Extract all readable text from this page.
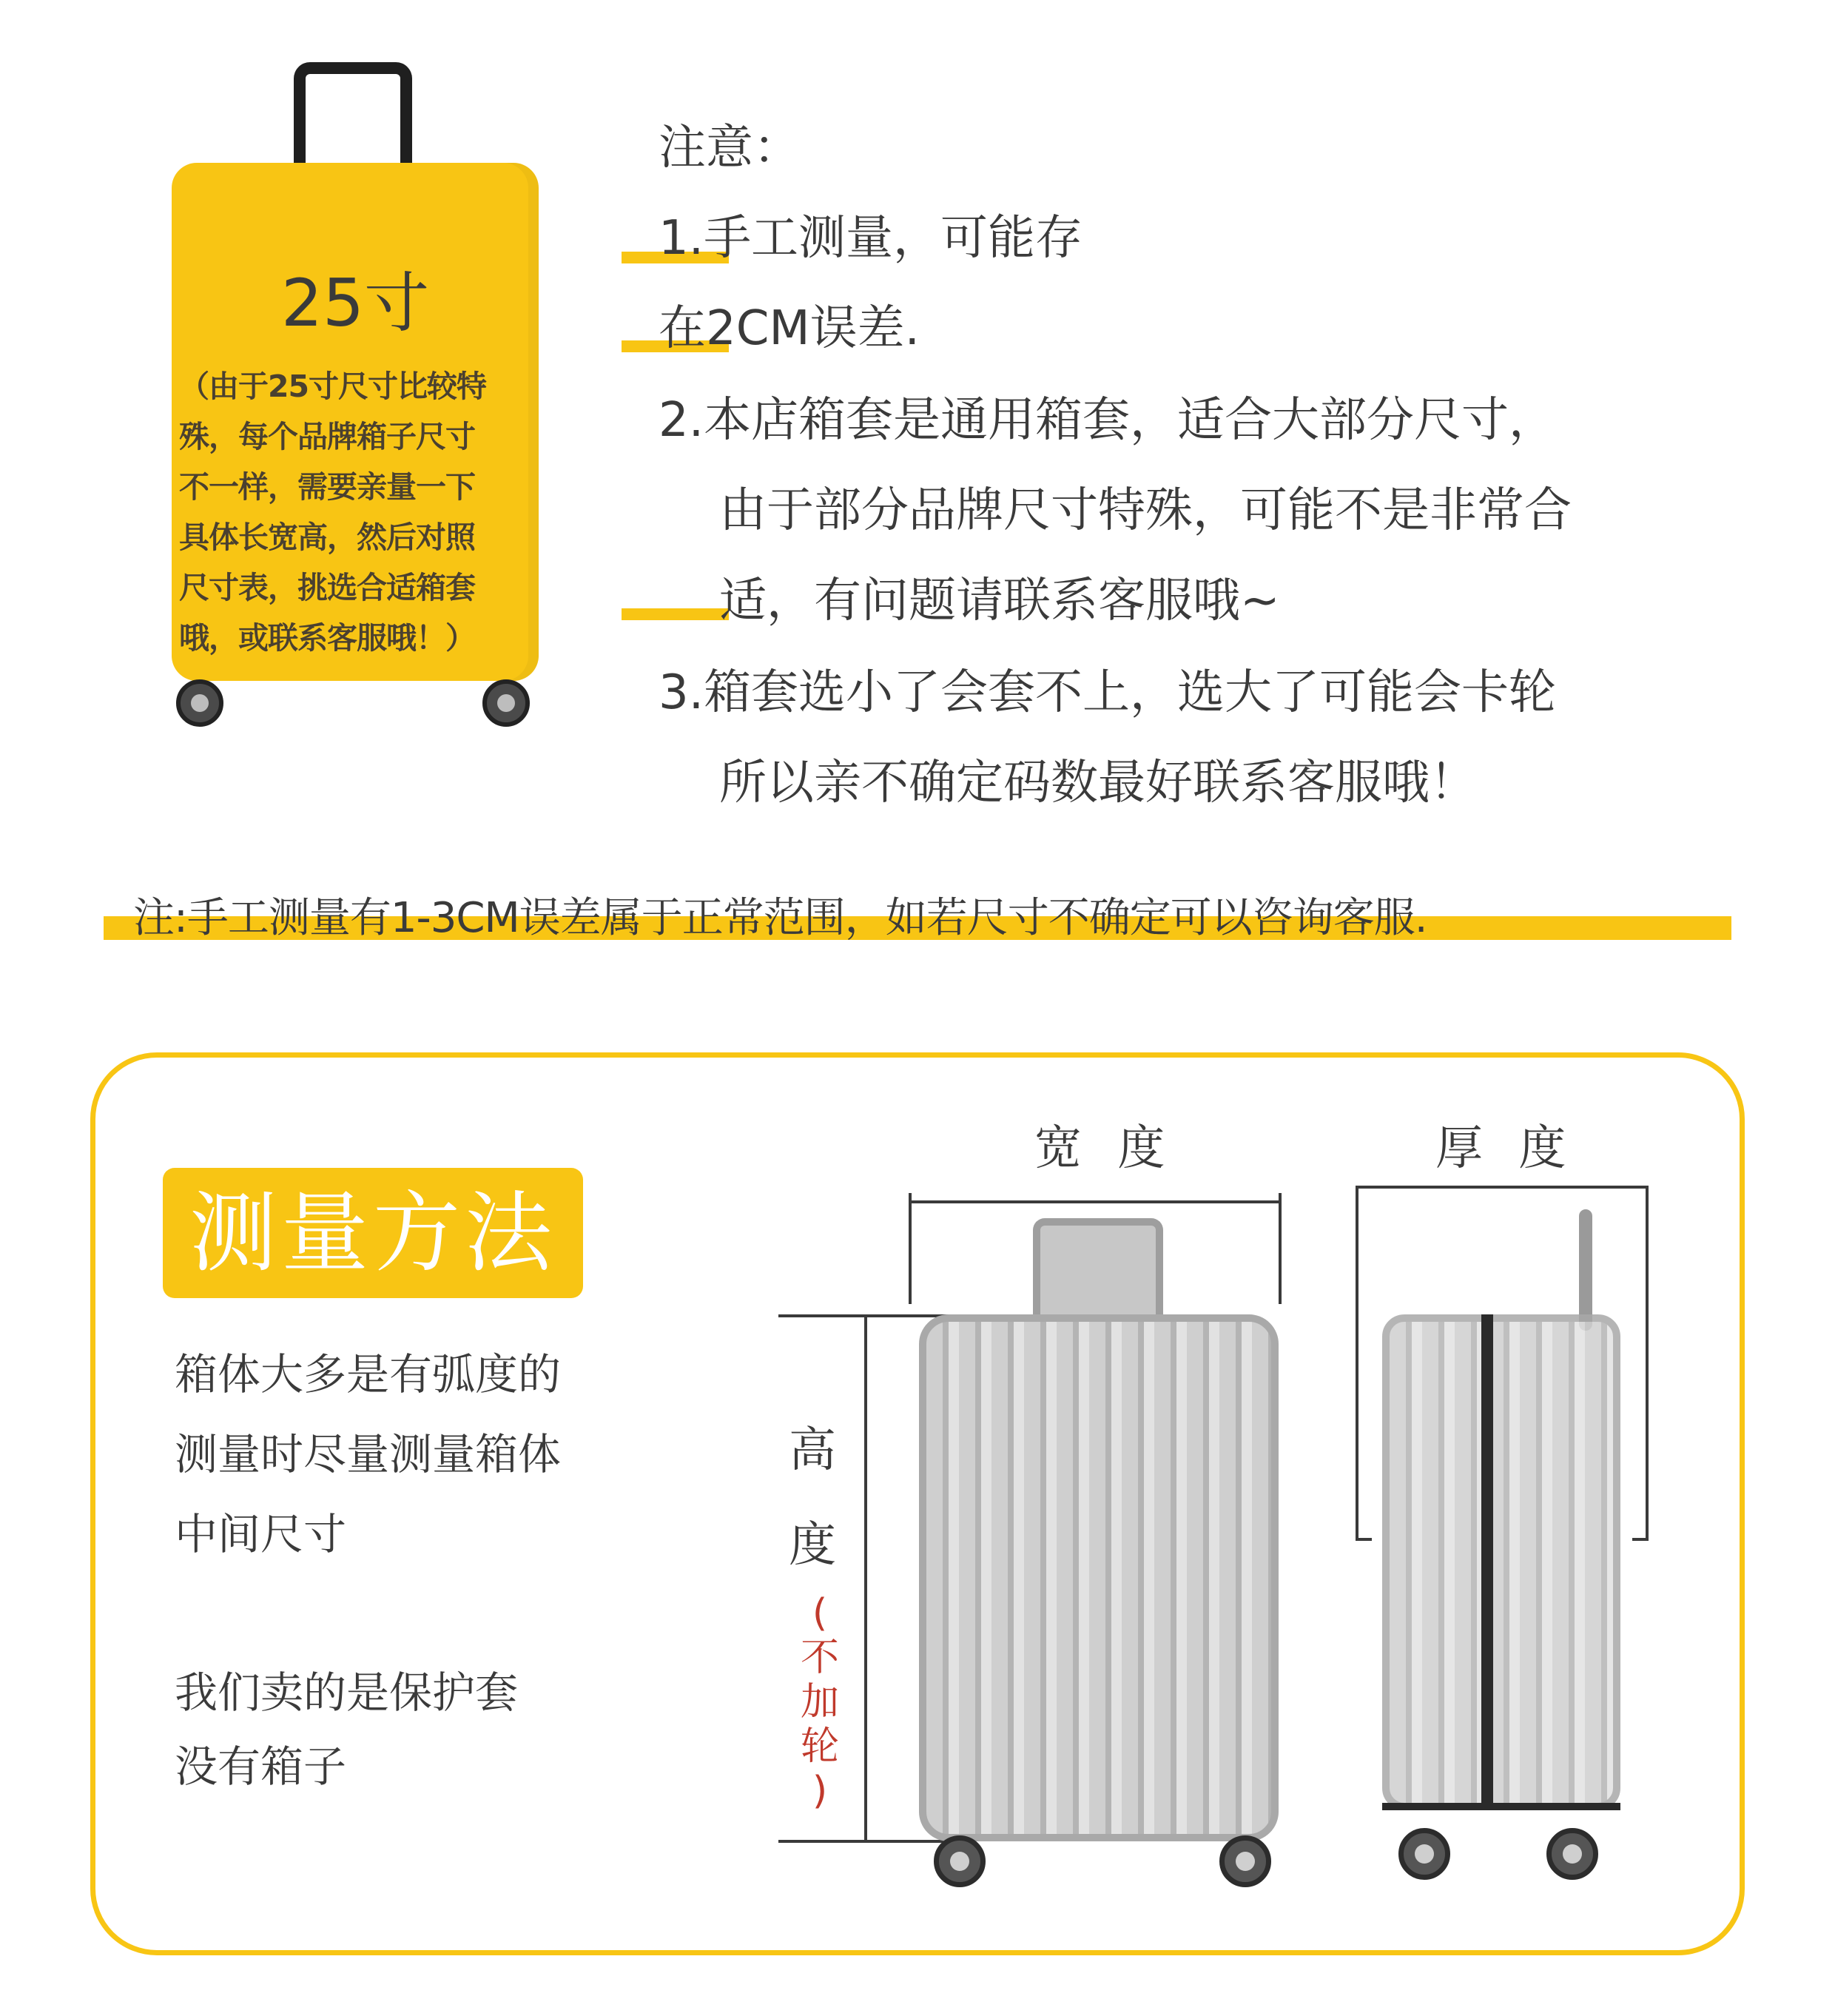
25寸
（由于25寸尺寸比较特
殊，每个品牌箱子尺寸
不一样，需要亲量一下
具体长宽高，然后对照
尺寸表，挑选合适箱套
哦，或联系客服哦！）
注意：
1.手工测量，可能存
在2CM误差.
2.本店箱套是通用箱套，适合大部分尺寸，
由于部分品牌尺寸特殊，可能不是非常合
适，有问题请联系客服哦~
3.箱套选小了会套不上，选大了可能会卡轮
所以亲不确定码数最好联系客服哦！
注:手工测量有1-3CM误差属于正常范围，如若尺寸不确定可以咨询客服.
测量方法
箱体大多是有弧度的
测量时尽量测量箱体
中间尺寸
我们卖的是保护套
没有箱子
宽 度	厚 度
高
度
(
不
加
轮
)
